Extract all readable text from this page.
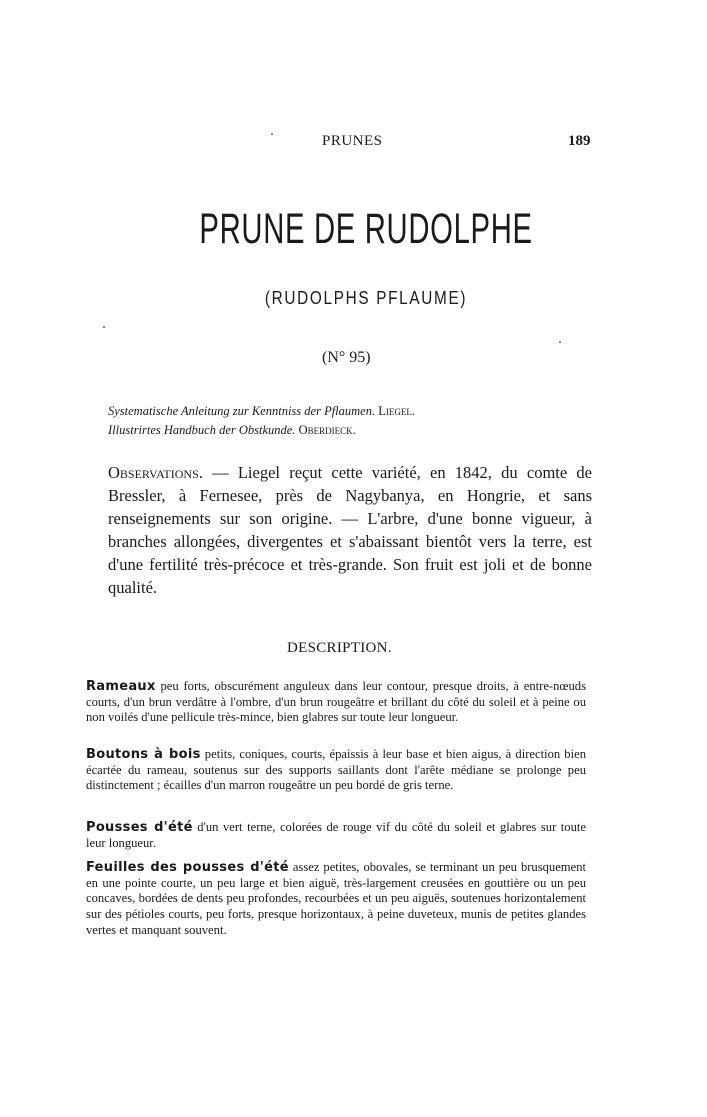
PRUNES	189
PRUNE DE RUDOLPHE
(RUDOLPHS PFLAUME)
(N° 95)
Systematische Anleitung zur Kenntniss der Pflaumen. Liegel.
Illustrirtes Handbuch der Obstkunde. Oberdieck.
Observations. — Liegel reçut cette variété, en 1842, du comte de Bressler, à Fernesee, près de Nagybanya, en Hongrie, et sans renseignements sur son origine. — L'arbre, d'une bonne vigueur, à branches allongées, divergentes et s'abaissant bientôt vers la terre, est d'une fertilité très-précoce et très-grande. Son fruit est joli et de bonne qualité.
DESCRIPTION.
Rameaux peu forts, obscurément anguleux dans leur contour, presque droits, à entre-nœuds courts, d'un brun verdâtre à l'ombre, d'un brun rougeâtre et brillant du côté du soleil et à peine ou non voilés d'une pellicule très-mince, bien glabres sur toute leur longueur.
Boutons à bois petits, coniques, courts, épaissis à leur base et bien aigus, à direction bien écartée du rameau, soutenus sur des supports saillants dont l'arête médiane se prolonge peu distinctement ; écailles d'un marron rougeâtre un peu bordé de gris terne.
Pousses d'été d'un vert terne, colorées de rouge vif du côté du soleil et glabres sur toute leur longueur.
Feuilles des pousses d'été assez petites, obovales, se terminant un peu brusquement en une pointe courte, un peu large et bien aiguë, très-largement creusées en gouttière ou un peu concaves, bordées de dents peu profondes, recourbées et un peu aiguës, soutenues horizontalement sur des pétioles courts, peu forts, presque horizontaux, à peine duveteux, munis de petites glandes vertes et manquant souvent.
